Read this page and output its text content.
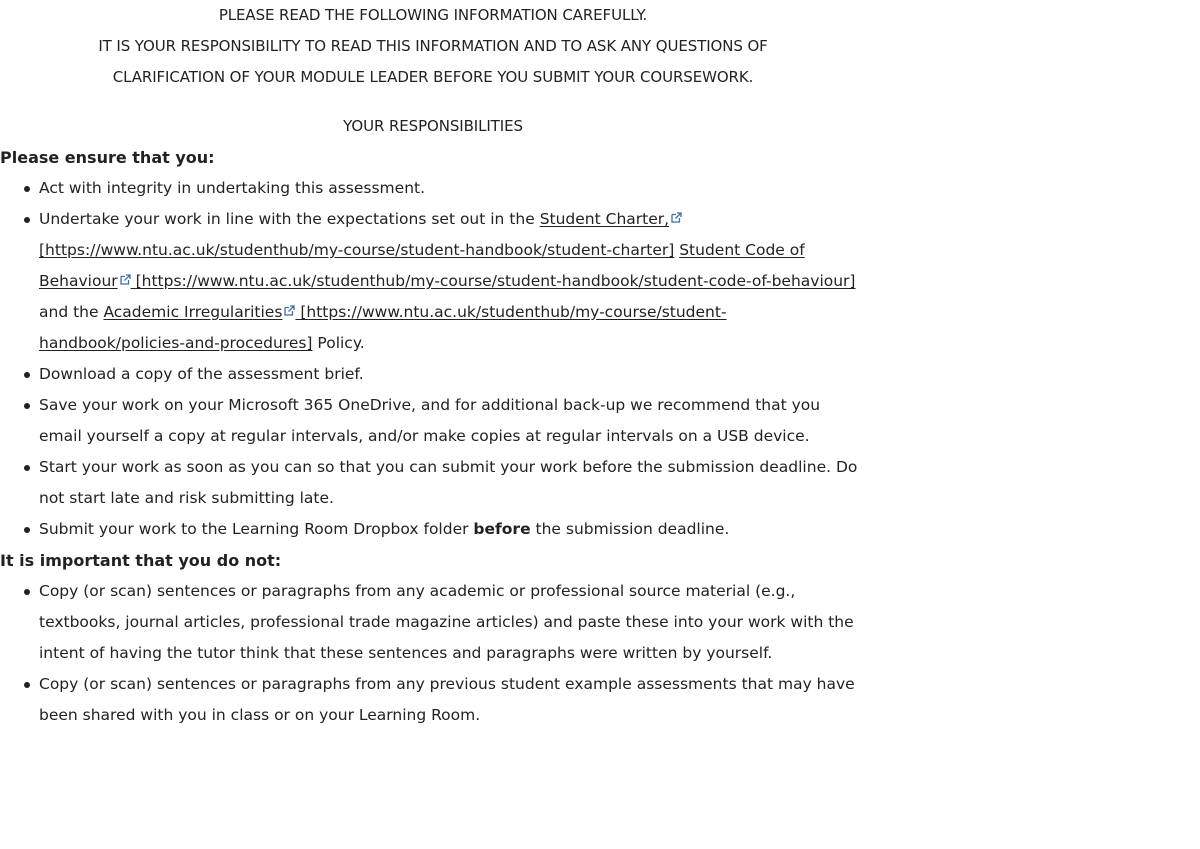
PLEASE READ THE FOLLOWING INFORMATION CAREFULLY.

IT IS YOUR RESPONSIBILITY TO READ THIS INFORMATION AND TO ASK ANY QUESTIONS OF

CLARIFICATION OF YOUR MODULE LEADER BEFORE YOU SUBMIT YOUR COURSEWORK.

YOUR RESPONSIBILITIES

Please ensure that you:

Act with integrity in undertaking this assessment.
Undertake your work in line with the expectations set out in the Student Charter,
[https://www.ntu.ac.uk/studenthub/my-course/student-handbook/student-charter] Student Code of Behaviour [https://www.ntu.ac.uk/studenthub/my-course/student-handbook/student-code-of-behaviour] and the Academic Irregularities [https://www.ntu.ac.uk/studenthub/my-course/student-handbook/policies-and-procedures] Policy.
Download a copy of the assessment brief.
Save your work on your Microsoft 365 OneDrive, and for additional back-up we recommend that you email yourself a copy at regular intervals, and/or make copies at regular intervals on a USB device.
Start your work as soon as you can so that you can submit your work before the submission deadline. Do not start late and risk submitting late.
Submit your work to the Learning Room Dropbox folder before the submission deadline.

It is important that you do not:

Copy (or scan) sentences or paragraphs from any academic or professional source material (e.g., textbooks, journal articles, professional trade magazine articles) and paste these into your work with the intent of having the tutor think that these sentences and paragraphs were written by yourself.
Copy (or scan) sentences or paragraphs from any previous student example assessments that may have been shared with you in class or on your Learning Room.
